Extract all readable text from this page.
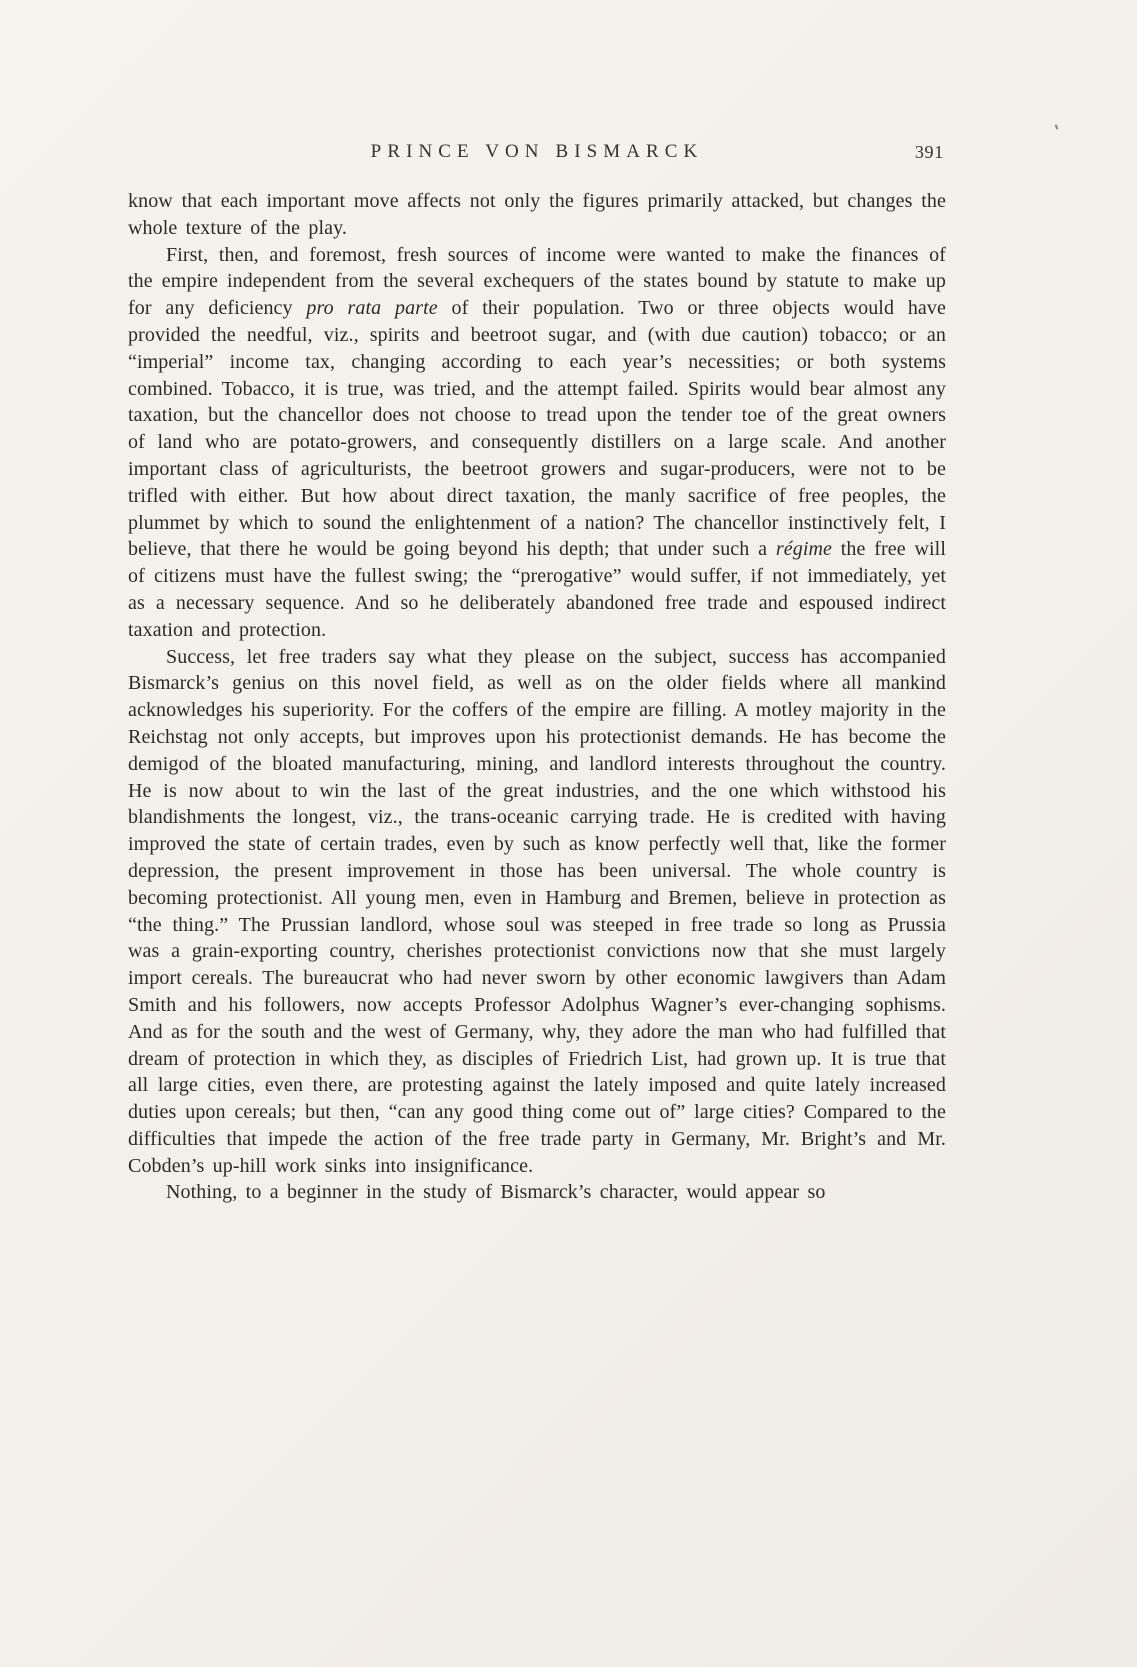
PRINCE VON BISMARCK	391

know that each important move affects not only the figures primarily attacked, but changes the whole texture of the play.

First, then, and foremost, fresh sources of income were wanted to make the finances of the empire independent from the several exchequers of the states bound by statute to make up for any deficiency pro rata parte of their population. Two or three objects would have provided the needful, viz., spirits and beetroot sugar, and (with due caution) tobacco; or an “imperial” income tax, changing according to each year’s necessities; or both systems combined. Tobacco, it is true, was tried, and the attempt failed. Spirits would bear almost any taxation, but the chancellor does not choose to tread upon the tender toe of the great owners of land who are potato-growers, and consequently distillers on a large scale. And another important class of agriculturists, the beetroot growers and sugar-producers, were not to be trifled with either. But how about direct taxation, the manly sacrifice of free peoples, the plummet by which to sound the enlightenment of a nation? The chancellor instinctively felt, I believe, that there he would be going beyond his depth; that under such a régime the free will of citizens must have the fullest swing; the “prerogative” would suffer, if not immediately, yet as a necessary sequence. And so he deliberately abandoned free trade and espoused indirect taxation and protection.

Success, let free traders say what they please on the subject, success has accompanied Bismarck’s genius on this novel field, as well as on the older fields where all mankind acknowledges his superiority. For the coffers of the empire are filling. A motley majority in the Reichstag not only accepts, but improves upon his protectionist demands. He has become the demigod of the bloated manufacturing, mining, and landlord interests throughout the country. He is now about to win the last of the great industries, and the one which withstood his blandishments the longest, viz., the trans-oceanic carrying trade. He is credited with having improved the state of certain trades, even by such as know perfectly well that, like the former depression, the present improvement in those has been universal. The whole country is becoming protectionist. All young men, even in Hamburg and Bremen, believe in protection as “the thing.” The Prussian landlord, whose soul was steeped in free trade so long as Prussia was a grain-exporting country, cherishes protectionist convictions now that she must largely import cereals. The bureaucrat who had never sworn by other economic lawgivers than Adam Smith and his followers, now accepts Professor Adolphus Wagner’s ever-changing sophisms. And as for the south and the west of Germany, why, they adore the man who had fulfilled that dream of protection in which they, as disciples of Friedrich List, had grown up. It is true that all large cities, even there, are protesting against the lately imposed and quite lately increased duties upon cereals; but then, “can any good thing come out of” large cities? Compared to the difficulties that impede the action of the free trade party in Germany, Mr. Bright’s and Mr. Cobden’s up-hill work sinks into insignificance.

Nothing, to a beginner in the study of Bismarck’s character, would appear so
